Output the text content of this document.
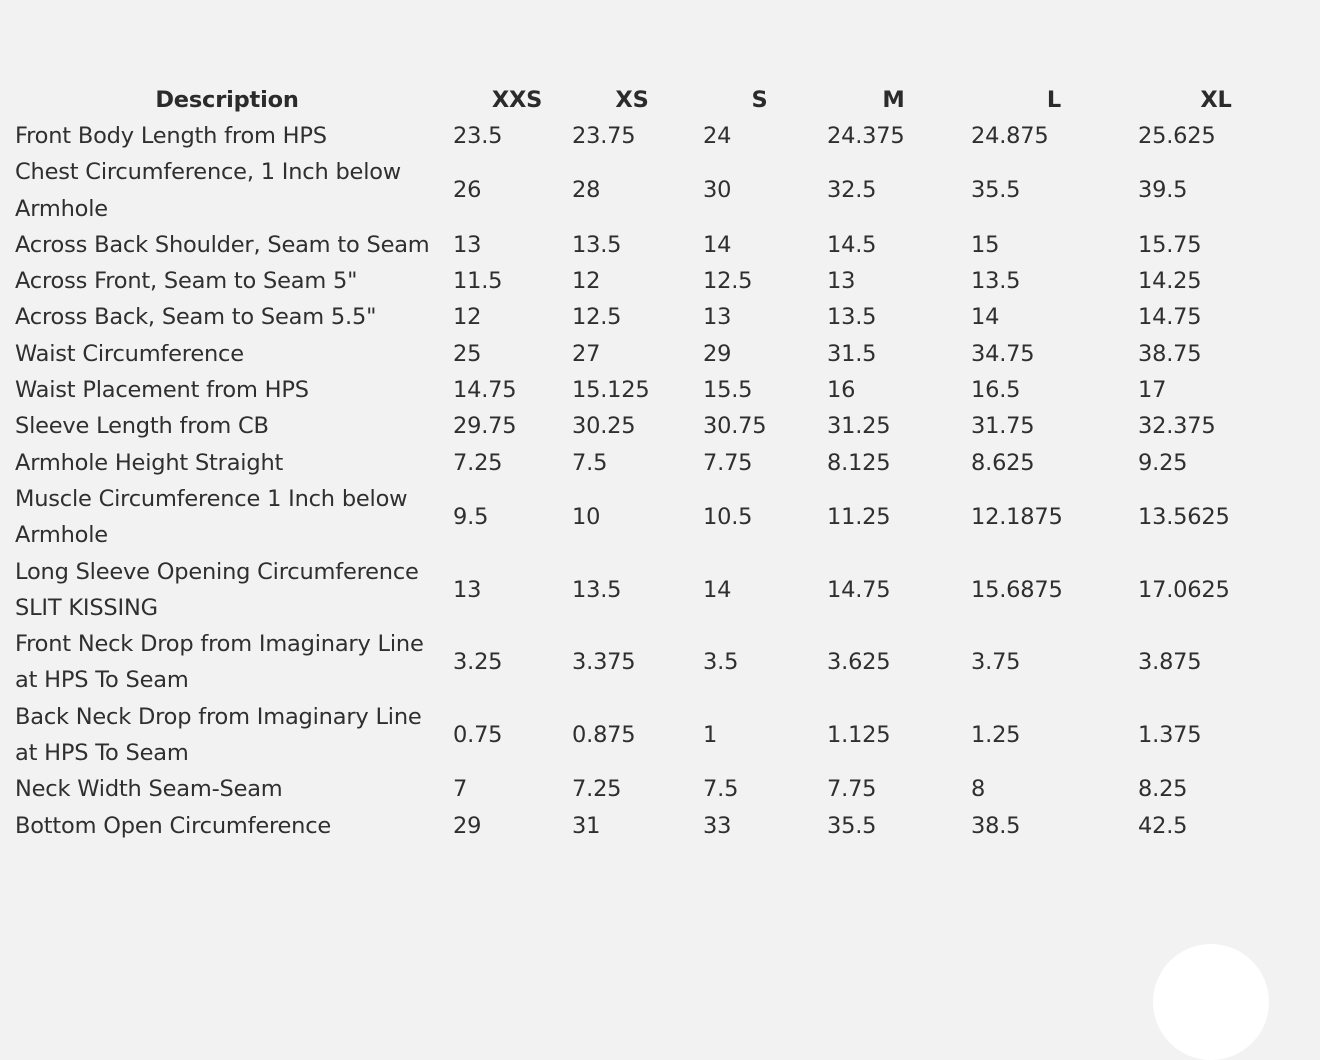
Description	XXS	XS	S	M	L	XL
Front Body Length from HPS	23.5	23.75	24	24.375	24.875	25.625
Chest Circumference, 1 Inch below Armhole	26	28	30	32.5	35.5	39.5
Across Back Shoulder, Seam to Seam	13	13.5	14	14.5	15	15.75
Across Front, Seam to Seam 5"	11.5	12	12.5	13	13.5	14.25
Across Back, Seam to Seam 5.5"	12	12.5	13	13.5	14	14.75
Waist Circumference	25	27	29	31.5	34.75	38.75
Waist Placement from HPS	14.75	15.125	15.5	16	16.5	17
Sleeve Length from CB	29.75	30.25	30.75	31.25	31.75	32.375
Armhole Height Straight	7.25	7.5	7.75	8.125	8.625	9.25
Muscle Circumference 1 Inch below Armhole	9.5	10	10.5	11.25	12.1875	13.5625
Long Sleeve Opening Circumference SLIT KISSING	13	13.5	14	14.75	15.6875	17.0625
Front Neck Drop from Imaginary Line at HPS To Seam	3.25	3.375	3.5	3.625	3.75	3.875
Back Neck Drop from Imaginary Line at HPS To Seam	0.75	0.875	1	1.125	1.25	1.375
Neck Width Seam-Seam	7	7.25	7.5	7.75	8	8.25
Bottom Open Circumference	29	31	33	35.5	38.5	42.5
